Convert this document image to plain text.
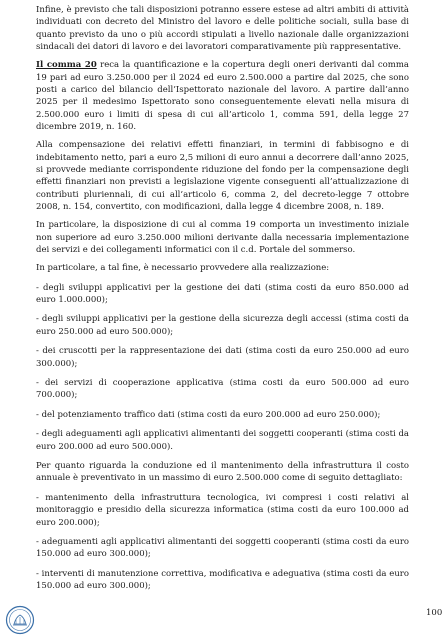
Infine, è previsto che tali disposizioni potranno essere estese ad altri ambiti di attività individuati con decreto del Ministro del lavoro e delle politiche sociali, sulla base di quanto previsto da uno o più accordi stipulati a livello nazionale dalle organizzazioni sindacali dei datori di lavoro e dei lavoratori comparativamente più rappresentative.

Il comma 20 reca la quantificazione e la copertura degli oneri derivanti dal comma 19 pari ad euro 3.250.000 per il 2024 ed euro 2.500.000 a partire dal 2025, che sono posti a carico del bilancio dell’Ispettorato nazionale del lavoro. A partire dall’anno 2025 per il medesimo Ispettorato sono conseguentemente elevati nella misura di 2.500.000 euro i limiti di spesa di cui all’articolo 1, comma 591, della legge 27 dicembre 2019, n. 160.

Alla compensazione dei relativi effetti finanziari, in termini di fabbisogno e di indebitamento netto, pari a euro 2,5 milioni di euro annui a decorrere dall’anno 2025, si provvede mediante corrispondente riduzione del fondo per la compensazione degli effetti finanziari non previsti a legislazione vigente conseguenti all’attualizzazione di contributi pluriennali, di cui all’articolo 6, comma 2, del decreto-legge 7 ottobre 2008, n. 154, convertito, con modificazioni, dalla legge 4 dicembre 2008, n. 189.

In particolare, la disposizione di cui al comma 19 comporta un investimento iniziale non superiore ad euro 3.250.000 milioni derivante dalla necessaria implementazione dei servizi e dei collegamenti informatici con il c.d. Portale del sommerso.

In particolare, a tal fine, è necessario provvedere alla realizzazione:

- degli sviluppi applicativi per la gestione dei dati (stima costi da euro 850.000 ad euro 1.000.000);

- degli sviluppi applicativi per la gestione della sicurezza degli accessi (stima costi da euro 250.000 ad euro 500.000);

- dei cruscotti per la rappresentazione dei dati (stima costi da euro 250.000 ad euro 300.000);

- dei servizi di cooperazione applicativa (stima costi da euro 500.000 ad euro 700.000);

- del potenziamento traffico dati (stima costi da euro 200.000 ad euro 250.000);

- degli adeguamenti agli applicativi alimentanti dei soggetti cooperanti (stima costi da euro 200.000 ad euro 500.000).

Per quanto riguarda la conduzione ed il mantenimento della infrastruttura il costo annuale è preventivato in un massimo di euro 2.500.000 come di seguito dettagliato:

- mantenimento della infrastruttura tecnologica, ivi compresi i costi relativi al monitoraggio e presidio della sicurezza informatica (stima costi da euro 100.000 ad euro 200.000);

- adeguamenti agli applicativi alimentanti dei soggetti cooperanti (stima costi da euro 150.000 ad euro 300.000);

- interventi di manutenzione correttiva, modificativa e adeguativa (stima costi da euro 150.000 ad euro 300.000);

100
